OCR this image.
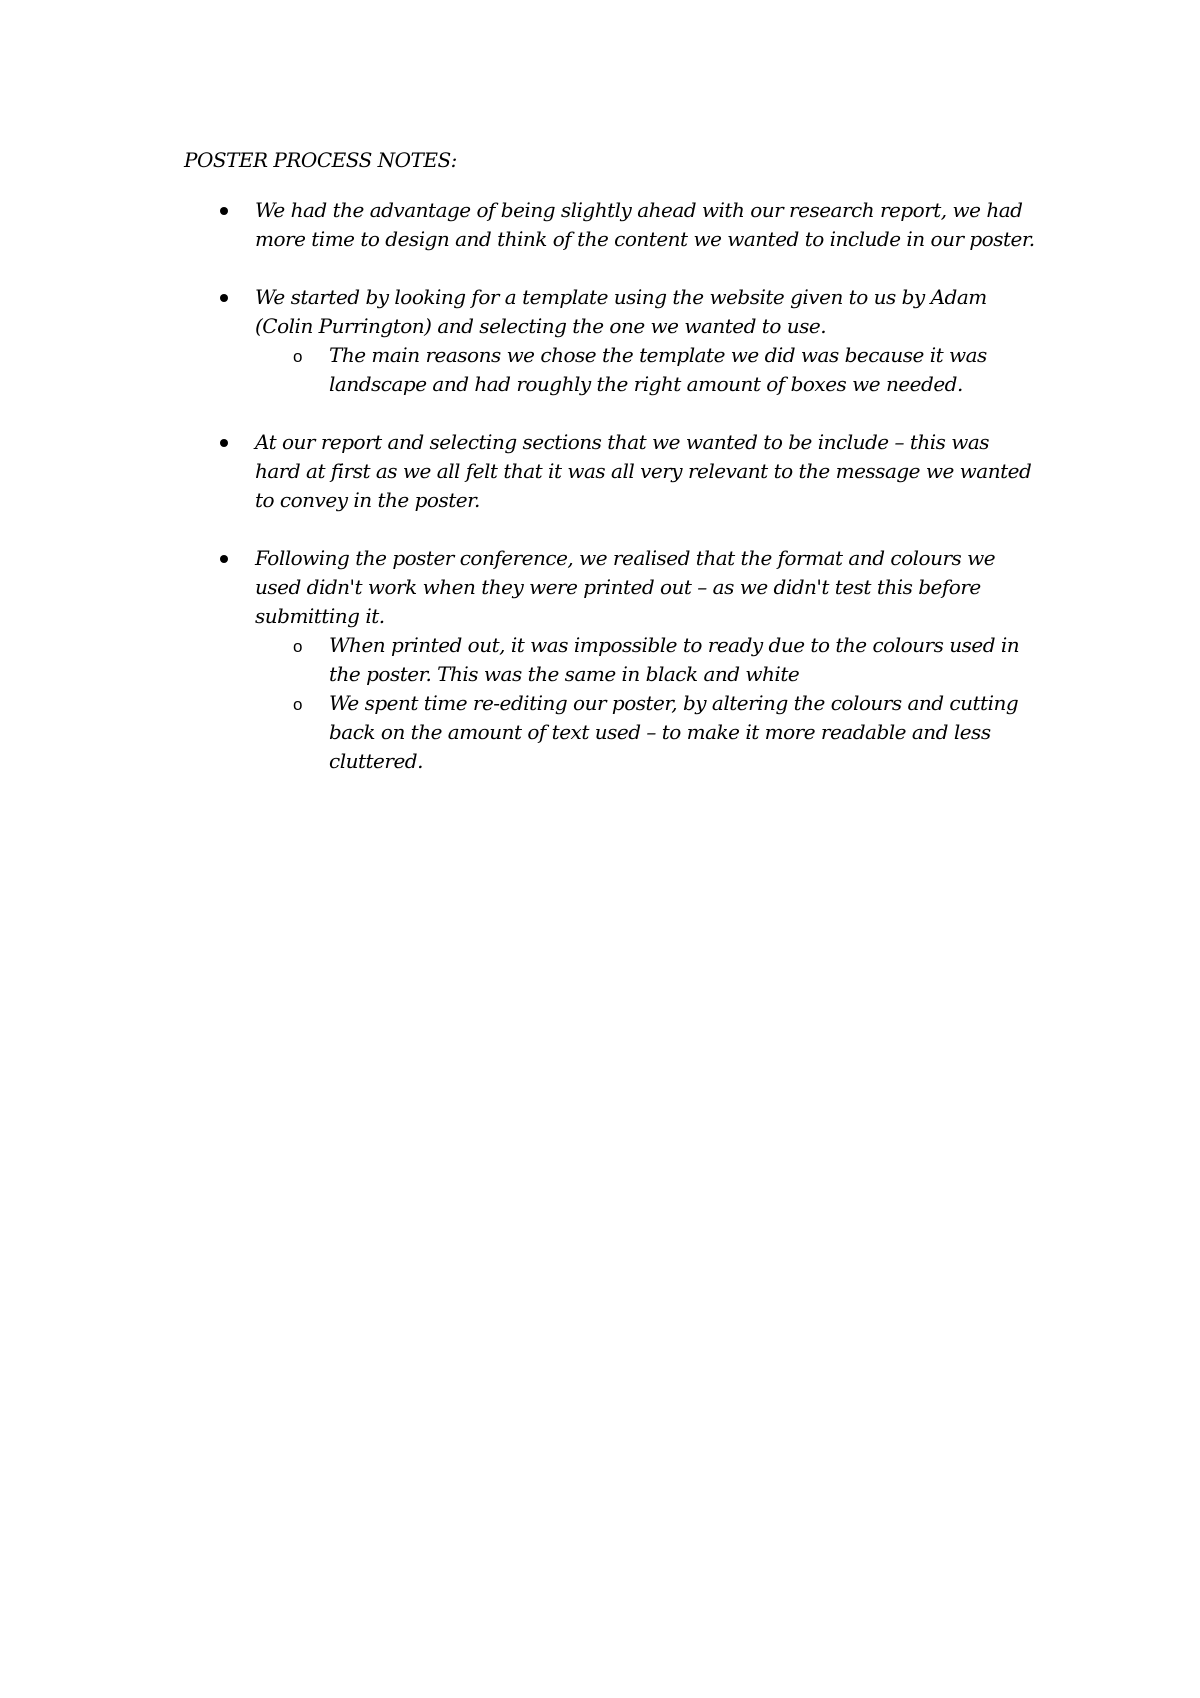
POSTER PROCESS NOTES:
We had the advantage of being slightly ahead with our research report, we had more time to design and think of the content we wanted to include in our poster.
We started by looking for a template using the website given to us by Adam (Colin Purrington) and selecting the one we wanted to use.
o The main reasons we chose the template we did was because it was landscape and had roughly the right amount of boxes we needed.
At our report and selecting sections that we wanted to be include – this was hard at first as we all felt that it was all very relevant to the message we wanted to convey in the poster.
Following the poster conference, we realised that the format and colours we used didn't work when they were printed out – as we didn't test this before submitting it.
o When printed out, it was impossible to ready due to the colours used in the poster. This was the same in black and white
o We spent time re-editing our poster, by altering the colours and cutting back on the amount of text used – to make it more readable and less cluttered.
